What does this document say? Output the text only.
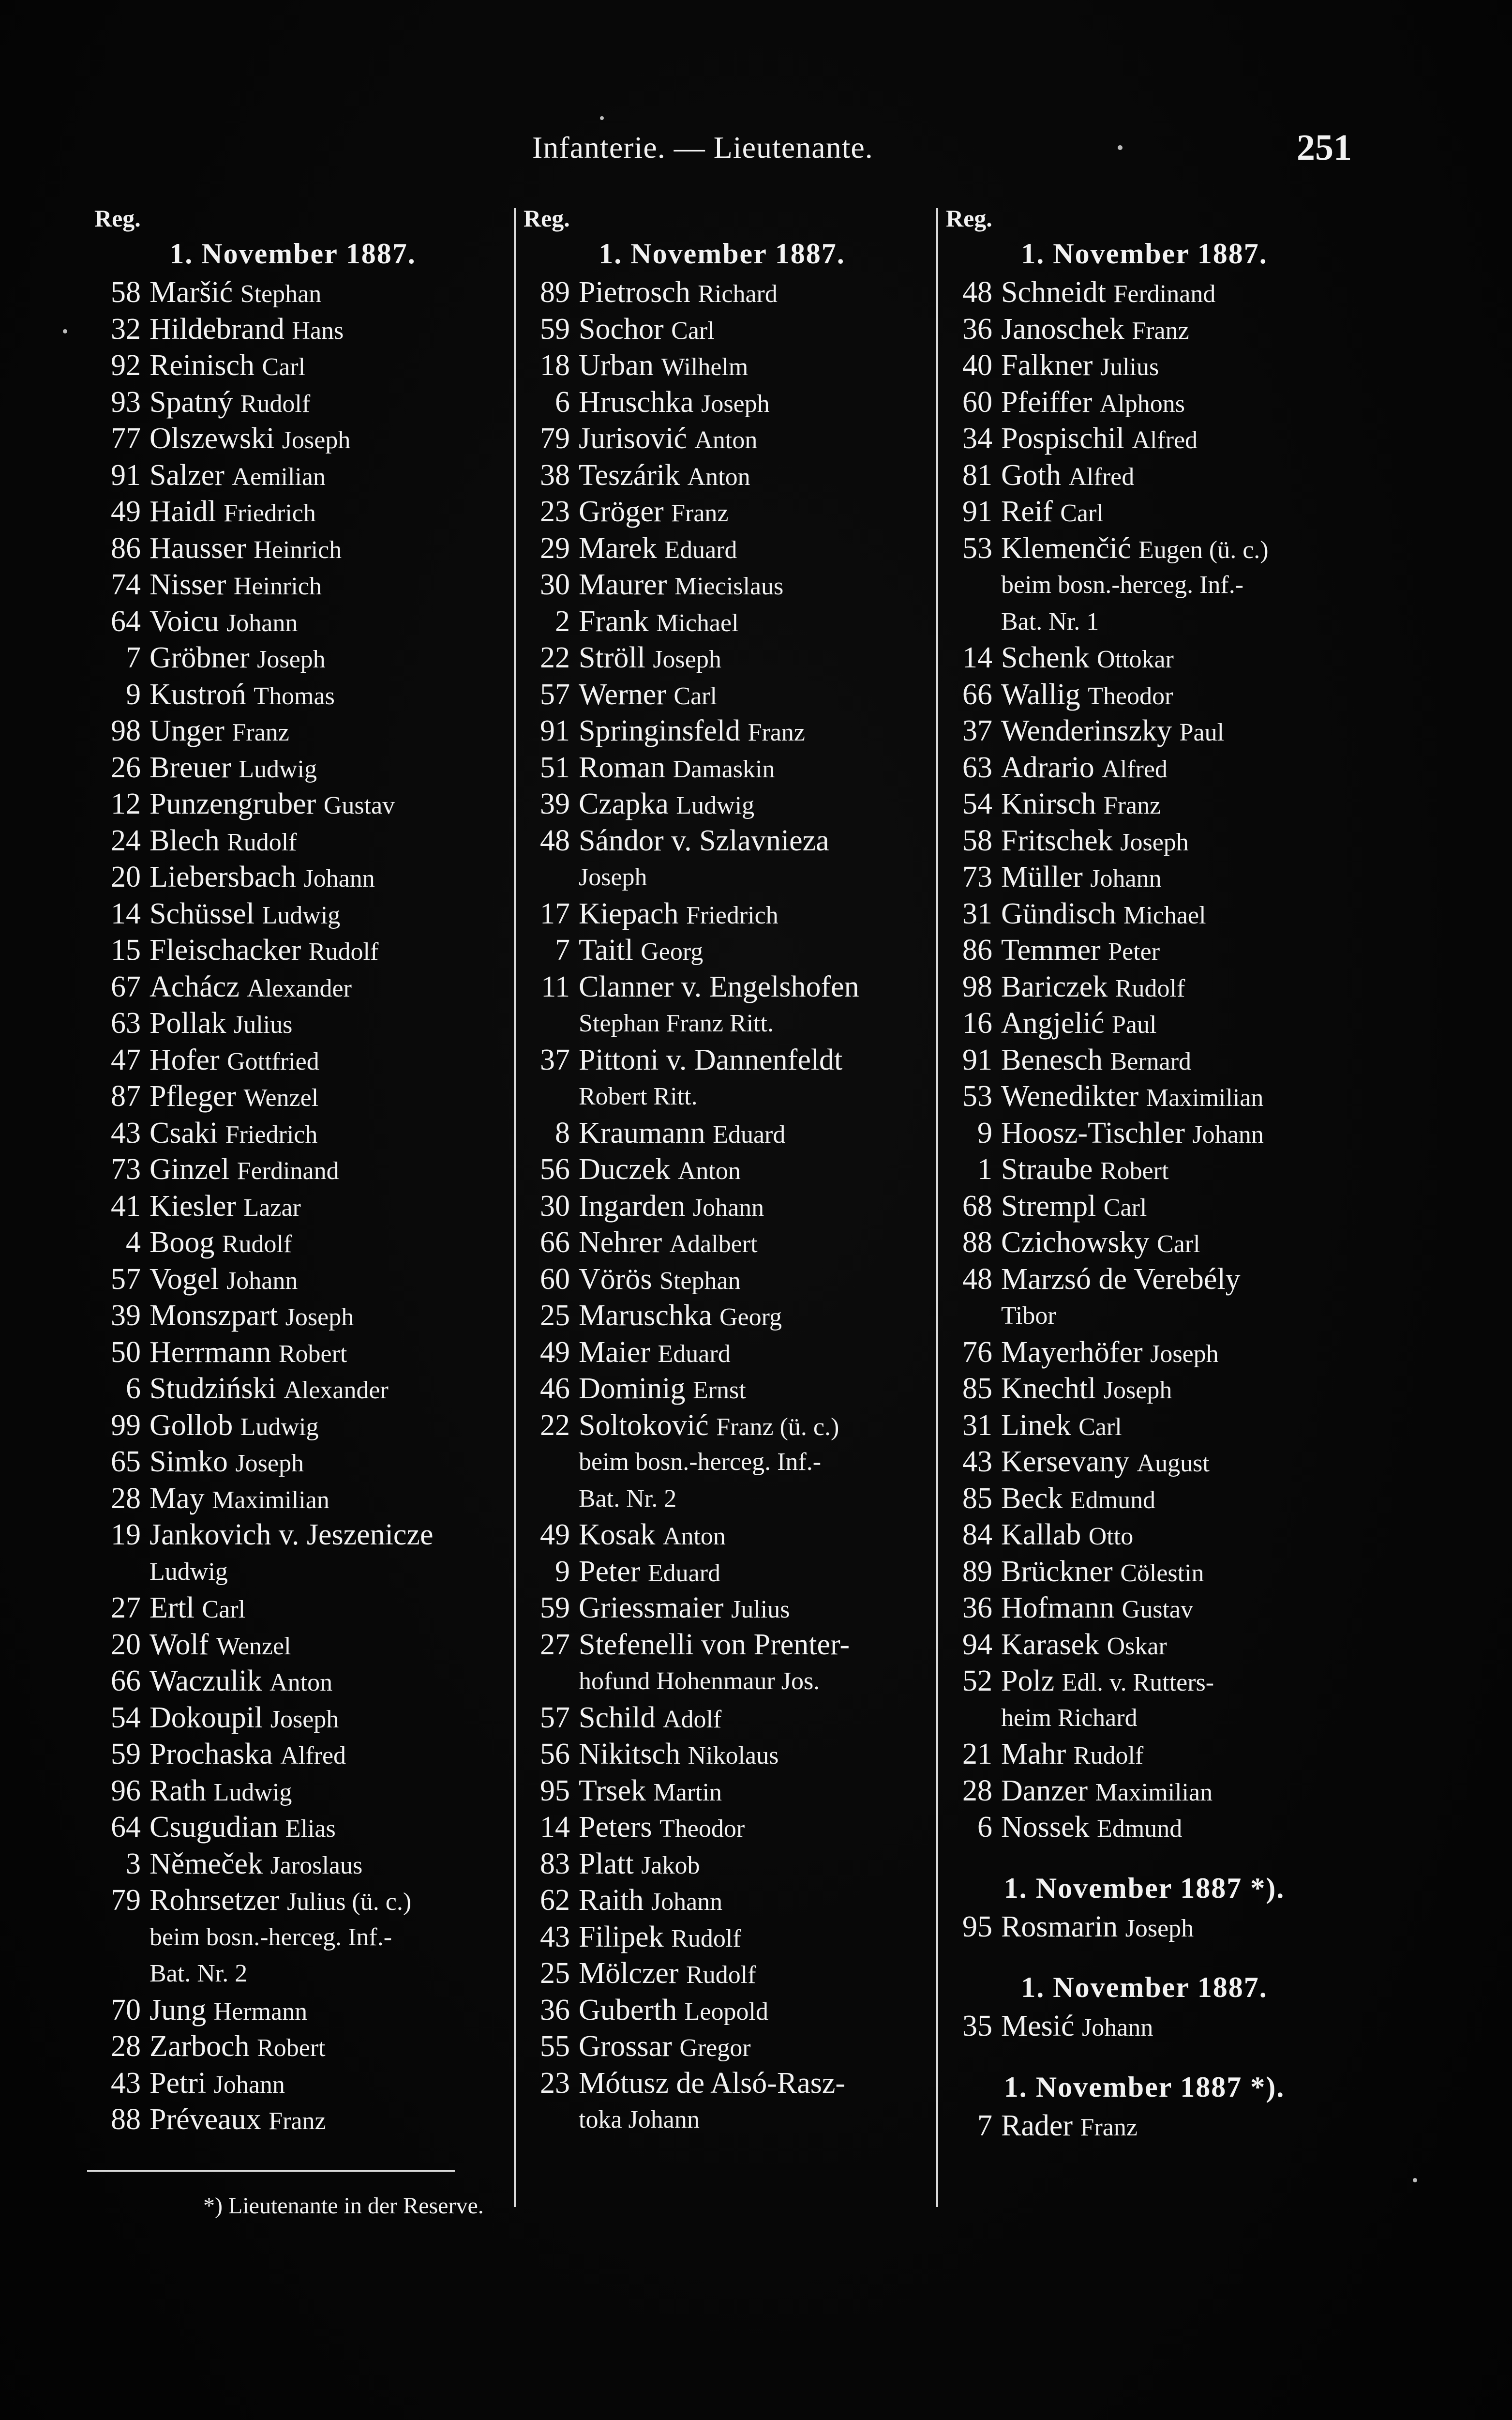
Infanterie. — Lieutenante.	251
Reg.
1. November 1887.
58 Maršić Stephan
32 Hildebrand Hans
92 Reinisch Carl
93 Spatný Rudolf
77 Olszewski Joseph
91 Salzer Aemilian
49 Haidl Friedrich
86 Hausser Heinrich
74 Nisser Heinrich
64 Voicu Johann
7 Gröbner Joseph
9 Kustroń Thomas
98 Unger Franz
26 Breuer Ludwig
12 Punzengruber Gustav
24 Blech Rudolf
20 Liebersbach Johann
14 Schüssel Ludwig
15 Fleischacker Rudolf
67 Achácz Alexander
63 Pollak Julius
47 Hofer Gottfried
87 Pfleger Wenzel
43 Csaki Friedrich
73 Ginzel Ferdinand
41 Kiesler Lazar
4 Boog Rudolf
57 Vogel Johann
39 Monszpart Joseph
50 Herrmann Robert
6 Studziński Alexander
99 Gollob Ludwig
65 Simko Joseph
28 May Maximilian
19 Jankovich v. Jeszenicze
Ludwig
27 Ertl Carl
20 Wolf Wenzel
66 Waczulik Anton
54 Dokoupil Joseph
59 Prochaska Alfred
96 Rath Ludwig
64 Csugudian Elias
3 Němeček Jaroslaus
79 Rohrsetzer Julius (ü. c.)
beim bosn.-herceg. Inf.-
Bat. Nr. 2
70 Jung Hermann
28 Zarboch Robert
43 Petri Johann
88 Préveaux Franz
Reg.
1. November 1887.
89 Pietrosch Richard
59 Sochor Carl
18 Urban Wilhelm
6 Hruschka Joseph
79 Jurisović Anton
38 Teszárik Anton
23 Gröger Franz
29 Marek Eduard
30 Maurer Miecislaus
2 Frank Michael
22 Ströll Joseph
57 Werner Carl
91 Springinsfeld Franz
51 Roman Damaskin
39 Czapka Ludwig
48 Sándor v. Szlavnieza
Joseph
17 Kiepach Friedrich
7 Taitl Georg
11 Clanner v. Engelshofen
Stephan Franz Ritt.
37 Pittoni v. Dannenfeldt
Robert Ritt.
8 Kraumann Eduard
56 Duczek Anton
30 Ingarden Johann
66 Nehrer Adalbert
60 Vörös Stephan
25 Maruschka Georg
49 Maier Eduard
46 Dominig Ernst
22 Soltoković Franz (ü. c.)
beim bosn.-herceg. Inf.-
Bat. Nr. 2
49 Kosak Anton
9 Peter Eduard
59 Griessmaier Julius
27 Stefenelli von Prenter-
hofund Hohenmaur Jos.
57 Schild Adolf
56 Nikitsch Nikolaus
95 Trsek Martin
14 Peters Theodor
83 Platt Jakob
62 Raith Johann
43 Filipek Rudolf
25 Mölczer Rudolf
36 Guberth Leopold
55 Grossar Gregor
23 Mótusz de Alsó-Rasz-
toka Johann
Reg.
1. November 1887.
48 Schneidt Ferdinand
36 Janoschek Franz
40 Falkner Julius
60 Pfeiffer Alphons
34 Pospischil Alfred
81 Goth Alfred
91 Reif Carl
53 Klemenčić Eugen (ü. c.)
beim bosn.-herceg. Inf.-
Bat. Nr. 1
14 Schenk Ottokar
66 Wallig Theodor
37 Wenderinszky Paul
63 Adrario Alfred
54 Knirsch Franz
58 Fritschek Joseph
73 Müller Johann
31 Gündisch Michael
86 Temmer Peter
98 Bariczek Rudolf
16 Angjelić Paul
91 Benesch Bernard
53 Wenedikter Maximilian
9 Hoosz-Tischler Johann
1 Straube Robert
68 Strempl Carl
88 Czichowsky Carl
48 Marzsó de Verebély
Tibor
76 Mayerhöfer Joseph
85 Knechtl Joseph
31 Linek Carl
43 Kersevany August
85 Beck Edmund
84 Kallab Otto
89 Brückner Cölestin
36 Hofmann Gustav
94 Karasek Oskar
52 Polz Edl. v. Rutters-
heim Richard
21 Mahr Rudolf
28 Danzer Maximilian
6 Nossek Edmund
1. November 1887 *).
95 Rosmarin Joseph
1. November 1887.
35 Mesić Johann
1. November 1887 *).
7 Rader Franz
*) Lieutenante in der Reserve.
